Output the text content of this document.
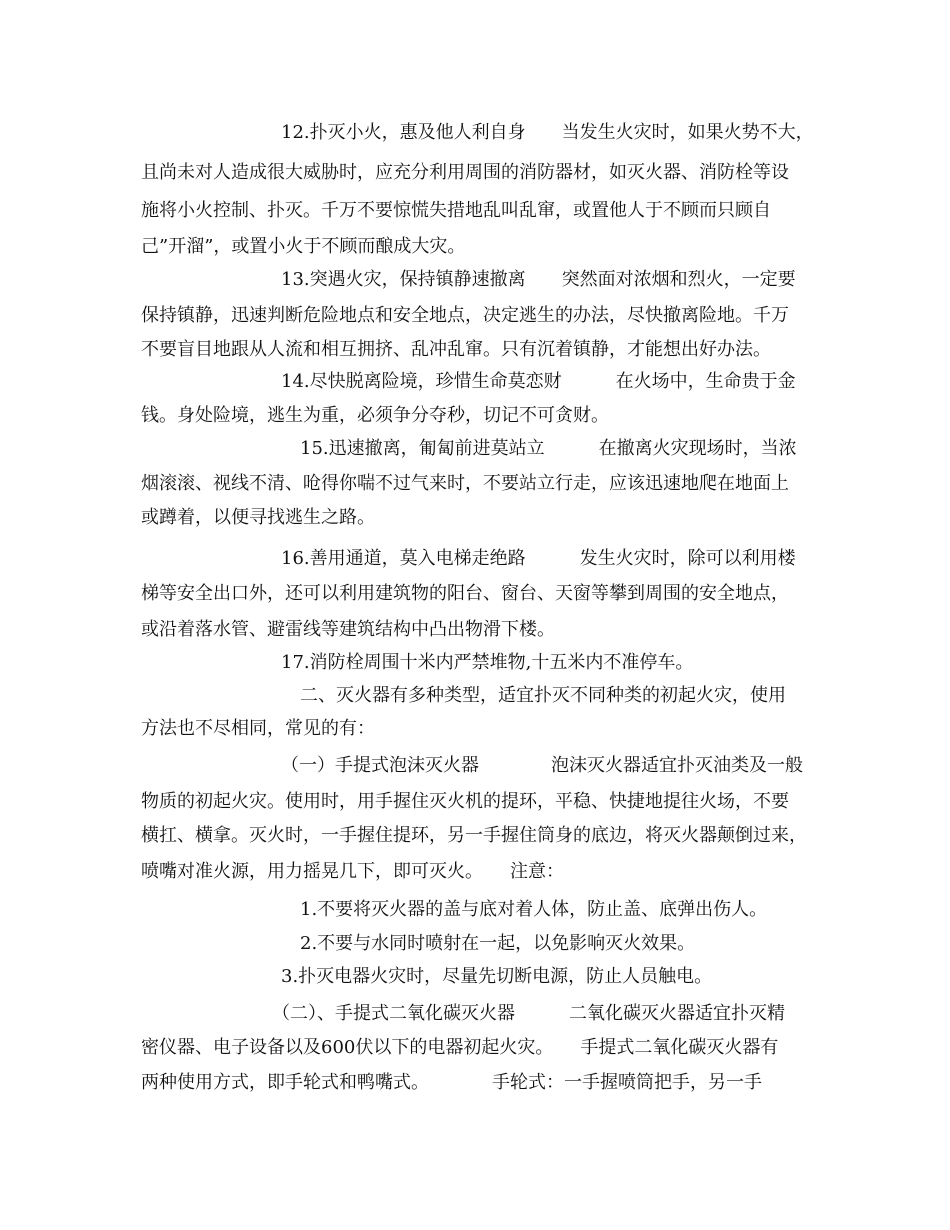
12.扑灭小火，惠及他人利自身　　当发生火灾时，如果火势不大，
且尚未对人造成很大威胁时，应充分利用周围的消防器材，如灭火器、消防栓等设
施将小火控制、扑灭。千万不要惊慌失措地乱叫乱窜，或置他人于不顾而只顾自
己”开溜”，或置小火于不顾而酿成大灾。
13.突遇火灾，保持镇静速撤离　　突然面对浓烟和烈火，一定要
保持镇静，迅速判断危险地点和安全地点，决定逃生的办法，尽快撤离险地。千万
不要盲目地跟从人流和相互拥挤、乱冲乱窜。只有沉着镇静，才能想出好办法。
14.尽快脱离险境，珍惜生命莫恋财　　　在火场中，生命贵于金
钱。身处险境，逃生为重，必须争分夺秒，切记不可贪财。
15.迅速撤离，匍匐前进莫站立　　　在撤离火灾现场时，当浓
烟滚滚、视线不清、呛得你喘不过气来时，不要站立行走，应该迅速地爬在地面上
或蹲着，以便寻找逃生之路。
16.善用通道，莫入电梯走绝路　　　发生火灾时，除可以利用楼
梯等安全出口外，还可以利用建筑物的阳台、窗台、天窗等攀到周围的安全地点，
或沿着落水管、避雷线等建筑结构中凸出物滑下楼。
17.消防栓周围十米内严禁堆物,十五米内不准停车。
二、灭火器有多种类型，适宜扑灭不同种类的初起火灾，使用
方法也不尽相同，常见的有：
（一）手提式泡沫灭火器　　　　泡沫灭火器适宜扑灭油类及一般
物质的初起火灾。使用时，用手握住灭火机的提环，平稳、快捷地提往火场，不要
横扛、横拿。灭火时，一手握住提环，另一手握住筒身的底边，将灭火器颠倒过来，
喷嘴对准火源，用力摇晃几下，即可灭火。　　注意：
1.不要将灭火器的盖与底对着人体，防止盖、底弹出伤人。
2.不要与水同时喷射在一起，以免影响灭火效果。
3.扑灭电器火灾时，尽量先切断电源，防止人员触电。
（二）、手提式二氧化碳灭火器　　　二氧化碳灭火器适宜扑灭精
密仪器、电子设备以及600伏以下的电器初起火灾。　　手提式二氧化碳灭火器有
两种使用方式，即手轮式和鸭嘴式。　　　　手轮式：一手握喷筒把手，另一手
